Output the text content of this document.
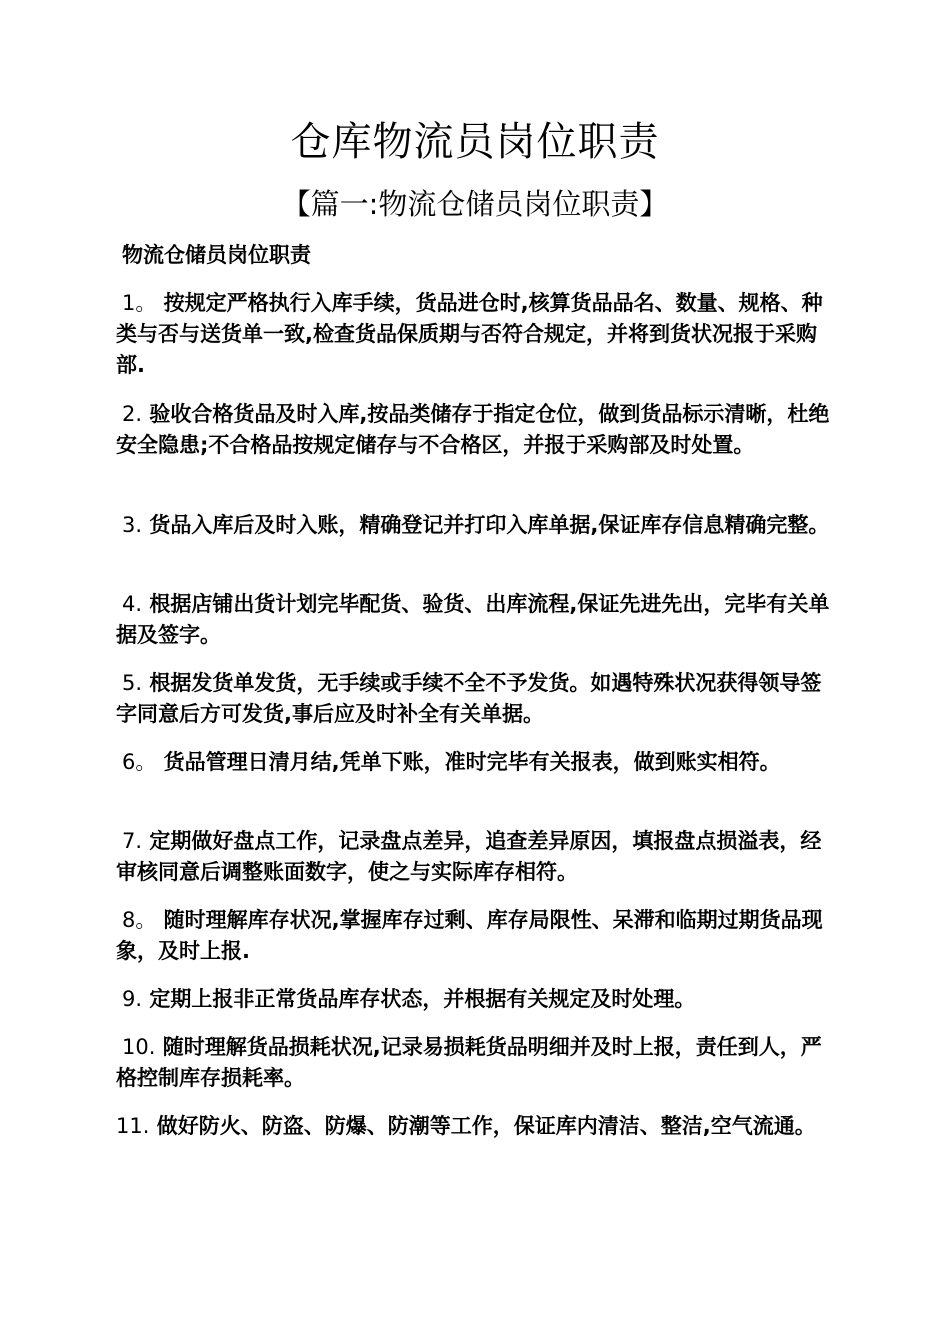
仓库物流员岗位职责
【篇一:物流仓储员岗位职责】
物流仓储员岗位职责

1。 按规定严格执行入库手续，货品进仓时,核算货品品名、数量、规格、种类与否与送货单一致,检查货品保质期与否符合规定，并将到货状况报于采购部.

2. 验收合格货品及时入库,按品类储存于指定仓位，做到货品标示清晰，杜绝安全隐患;不合格品按规定储存与不合格区，并报于采购部及时处置。

3. 货品入库后及时入账，精确登记并打印入库单据,保证库存信息精确完整。

4. 根据店铺出货计划完毕配货、验货、出库流程,保证先进先出，完毕有关单据及签字。

5. 根据发货单发货，无手续或手续不全不予发货。如遇特殊状况获得领导签字同意后方可发货,事后应及时补全有关单据。

6。 货品管理日清月结,凭单下账，准时完毕有关报表，做到账实相符。

7. 定期做好盘点工作，记录盘点差异，追查差异原因，填报盘点损溢表，经审核同意后调整账面数字，使之与实际库存相符。

8。 随时理解库存状况,掌握库存过剩、库存局限性、呆滞和临期过期货品现象，及时上报.

9. 定期上报非正常货品库存状态，并根据有关规定及时处理。

10. 随时理解货品损耗状况,记录易损耗货品明细并及时上报，责任到人，严格控制库存损耗率。

11. 做好防火、防盗、防爆、防潮等工作，保证库内清洁、整洁,空气流通。
